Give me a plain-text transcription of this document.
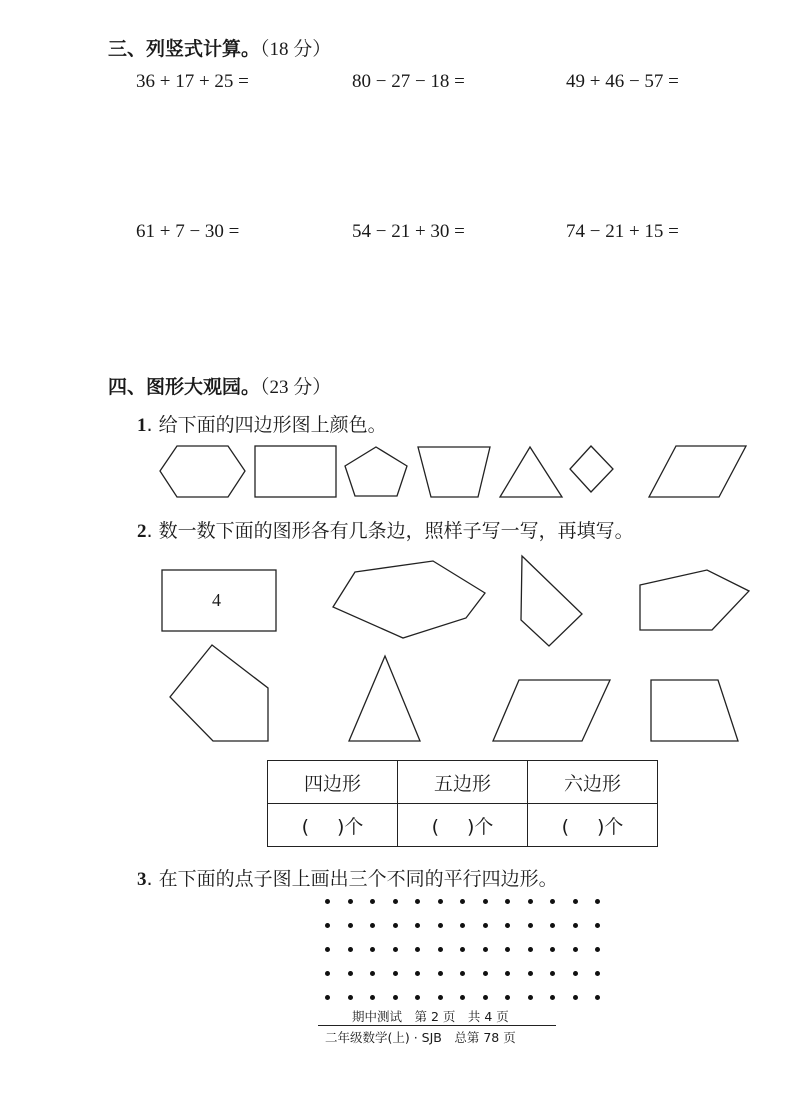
三、列竖式计算。（18 分）
36 + 17 + 25 =	80 − 27 − 18 =	49 + 46 − 57 =
61 + 7 − 30 =	54 − 21 + 30 =	74 − 21 + 15 =
四、图形大观园。（23 分）
1. 给下面的四边形图上颜色。
2. 数一数下面的图形各有几条边，照样子写一写，再填写。
4
四边形	五边形	六边形
( )个	( )个	( )个
3. 在下面的点子图上画出三个不同的平行四边形。
期中测试　第 2 页　共 4 页
二年级数学(上) · SJB　总第 78 页
